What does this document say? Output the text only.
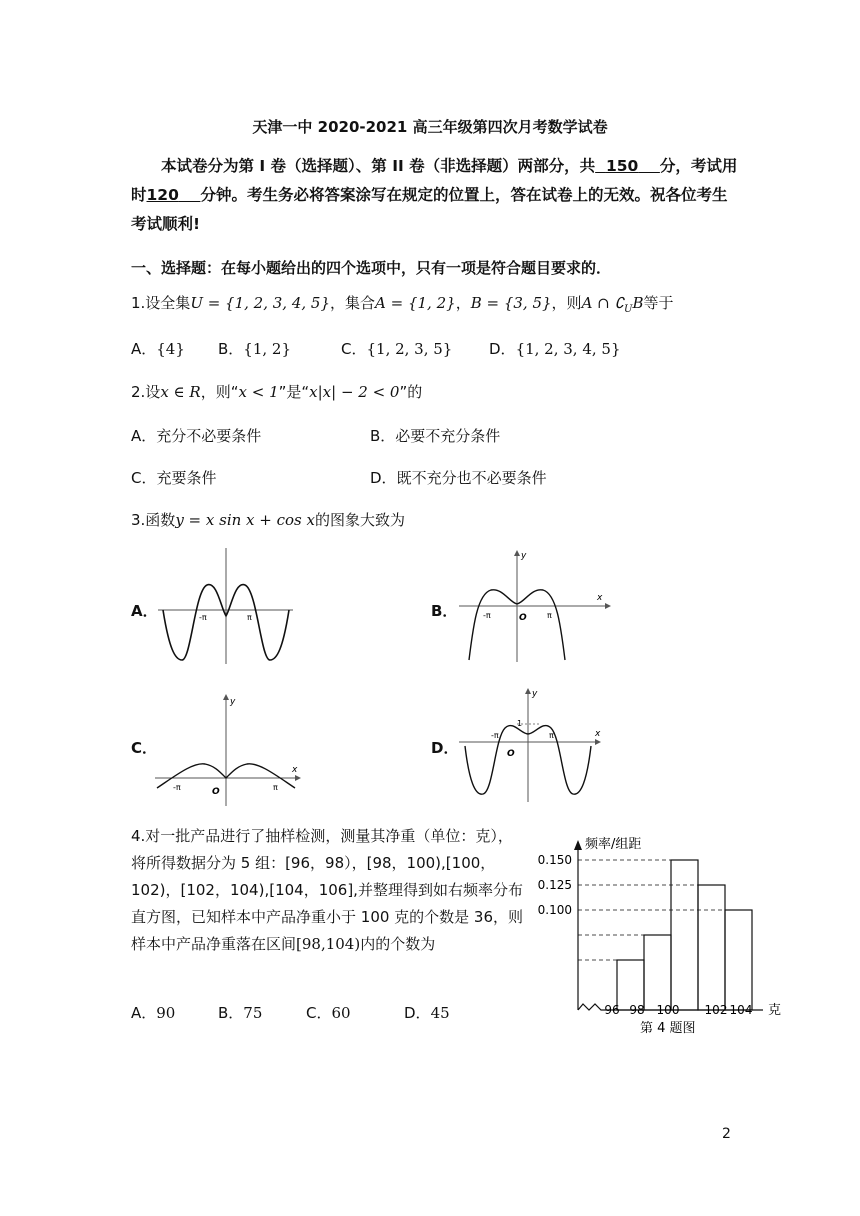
天津一中 2020-2021 高三年级第四次月考数学试卷
本试卷分为第 I 卷（选择题）、第 II 卷（非选择题）两部分，共 150 分，考试用时120 分钟。考生务必将答案涂写在规定的位置上，答在试卷上的无效。祝各位考生考试顺利!
一、选择题：在每小题给出的四个选项中，只有一项是符合题目要求的．
1.设全集U = {1, 2, 3, 4, 5}，集合A = {1, 2}，B = {3, 5}，则A ∩ $∁_UB$等于
A．{4} B．{1, 2}	C．{1, 2, 3, 5} D．{1, 2, 3, 4, 5}
2.设x ∈ R，则“x < 1”是“x|x| − 2 < 0”的
A．充分不必要条件	B．必要不充分条件
C．充要条件	D．既不充分也不必要条件
3.函数y = x sin x + cos x的图象大致为
A．	B．
C．	D．
-π	π
x
y
-π	O	π
x
y
-π	O	π
x
y
1
-π
O
π
4.对一批产品进行了抽样检测，测量其净重（单位：克），将所得数据分为 5 组：[96，98），[98，100),[100，102)，[102，104),[104，106],并整理得到如右频率分布直方图，已知样本中产品净重小于 100 克的个数是 36，则样本中产品净重落在区间[98,104)内的个数为
A．90	B．75	C．60	D．45
频率/组距
克
第 4 题图
0.150
0.125
0.100
96 98 100 102 104
2
